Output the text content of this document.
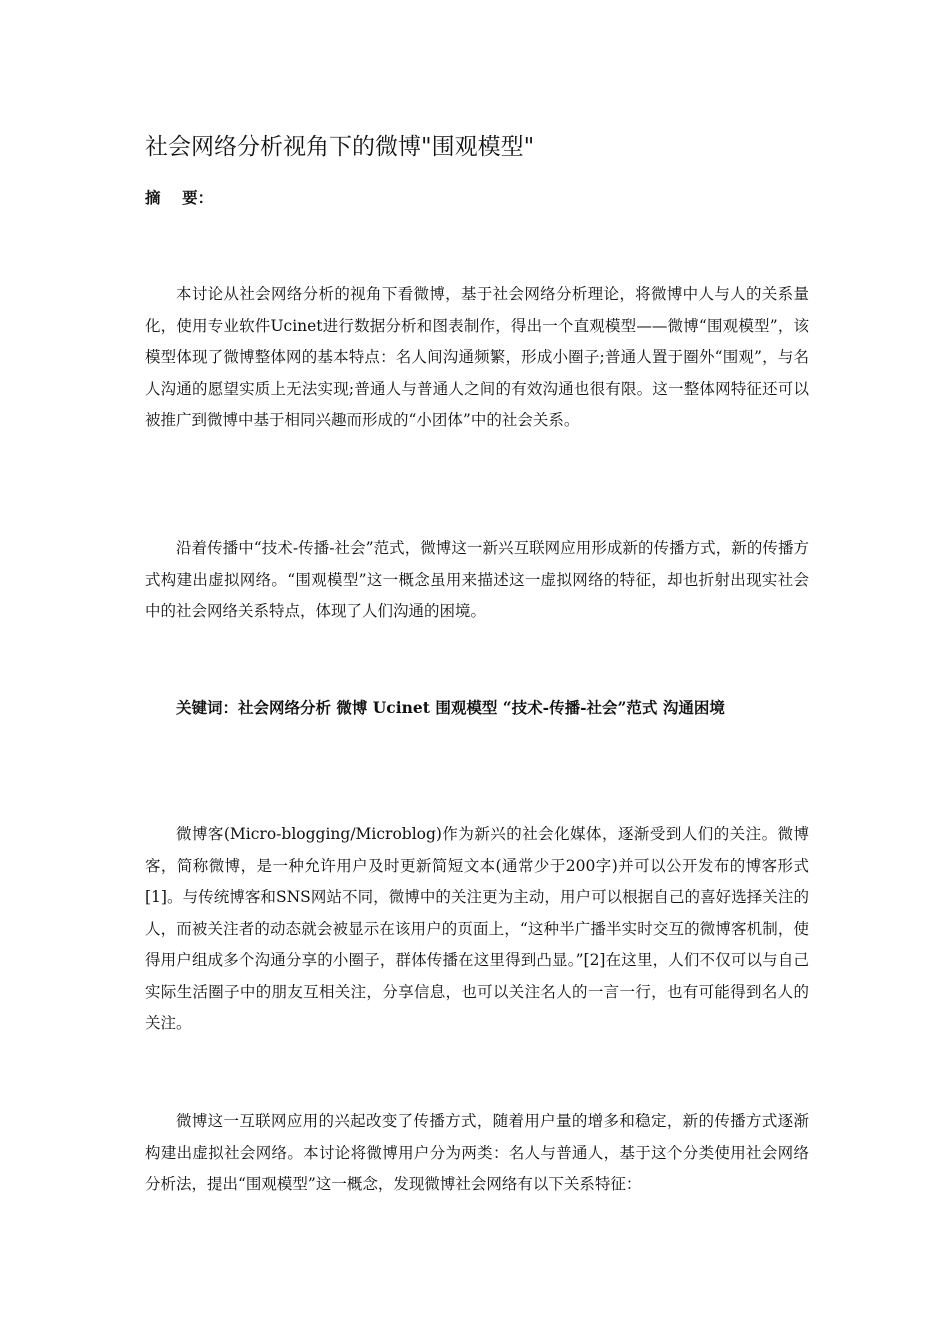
社会网络分析视角下的微博"围观模型"
摘    要：

本讨论从社会网络分析的视角下看微博，基于社会网络分析理论，将微博中人与人的关系量化，使用专业软件Ucinet进行数据分析和图表制作，得出一个直观模型——微博“围观模型”，该模型体现了微博整体网的基本特点：名人间沟通频繁，形成小圈子;普通人置于圈外“围观”，与名人沟通的愿望实质上无法实现;普通人与普通人之间的有效沟通也很有限。这一整体网特征还可以被推广到微博中基于相同兴趣而形成的“小团体”中的社会关系。

沿着传播中“技术-传播-社会”范式，微博这一新兴互联网应用形成新的传播方式，新的传播方式构建出虚拟网络。“围观模型”这一概念虽用来描述这一虚拟网络的特征，却也折射出现实社会中的社会网络关系特点，体现了人们沟通的困境。

关键词：社会网络分析 微博 Ucinet 围观模型 “技术-传播-社会”范式 沟通困境

微博客(Micro-blogging/Microblog)作为新兴的社会化媒体，逐渐受到人们的关注。微博客，简称微博，是一种允许用户及时更新简短文本(通常少于200字)并可以公开发布的博客形式[1]。与传统博客和SNS网站不同，微博中的关注更为主动，用户可以根据自己的喜好选择关注的人，而被关注者的动态就会被显示在该用户的页面上，“这种半广播半实时交互的微博客机制，使得用户组成多个沟通分享的小圈子，群体传播在这里得到凸显。”[2]在这里，人们不仅可以与自己实际生活圈子中的朋友互相关注，分享信息，也可以关注名人的一言一行，也有可能得到名人的关注。

微博这一互联网应用的兴起改变了传播方式，随着用户量的增多和稳定，新的传播方式逐渐构建出虚拟社会网络。本讨论将微博用户分为两类：名人与普通人，基于这个分类使用社会网络分析法，提出“围观模型”这一概念，发现微博社会网络有以下关系特征：
